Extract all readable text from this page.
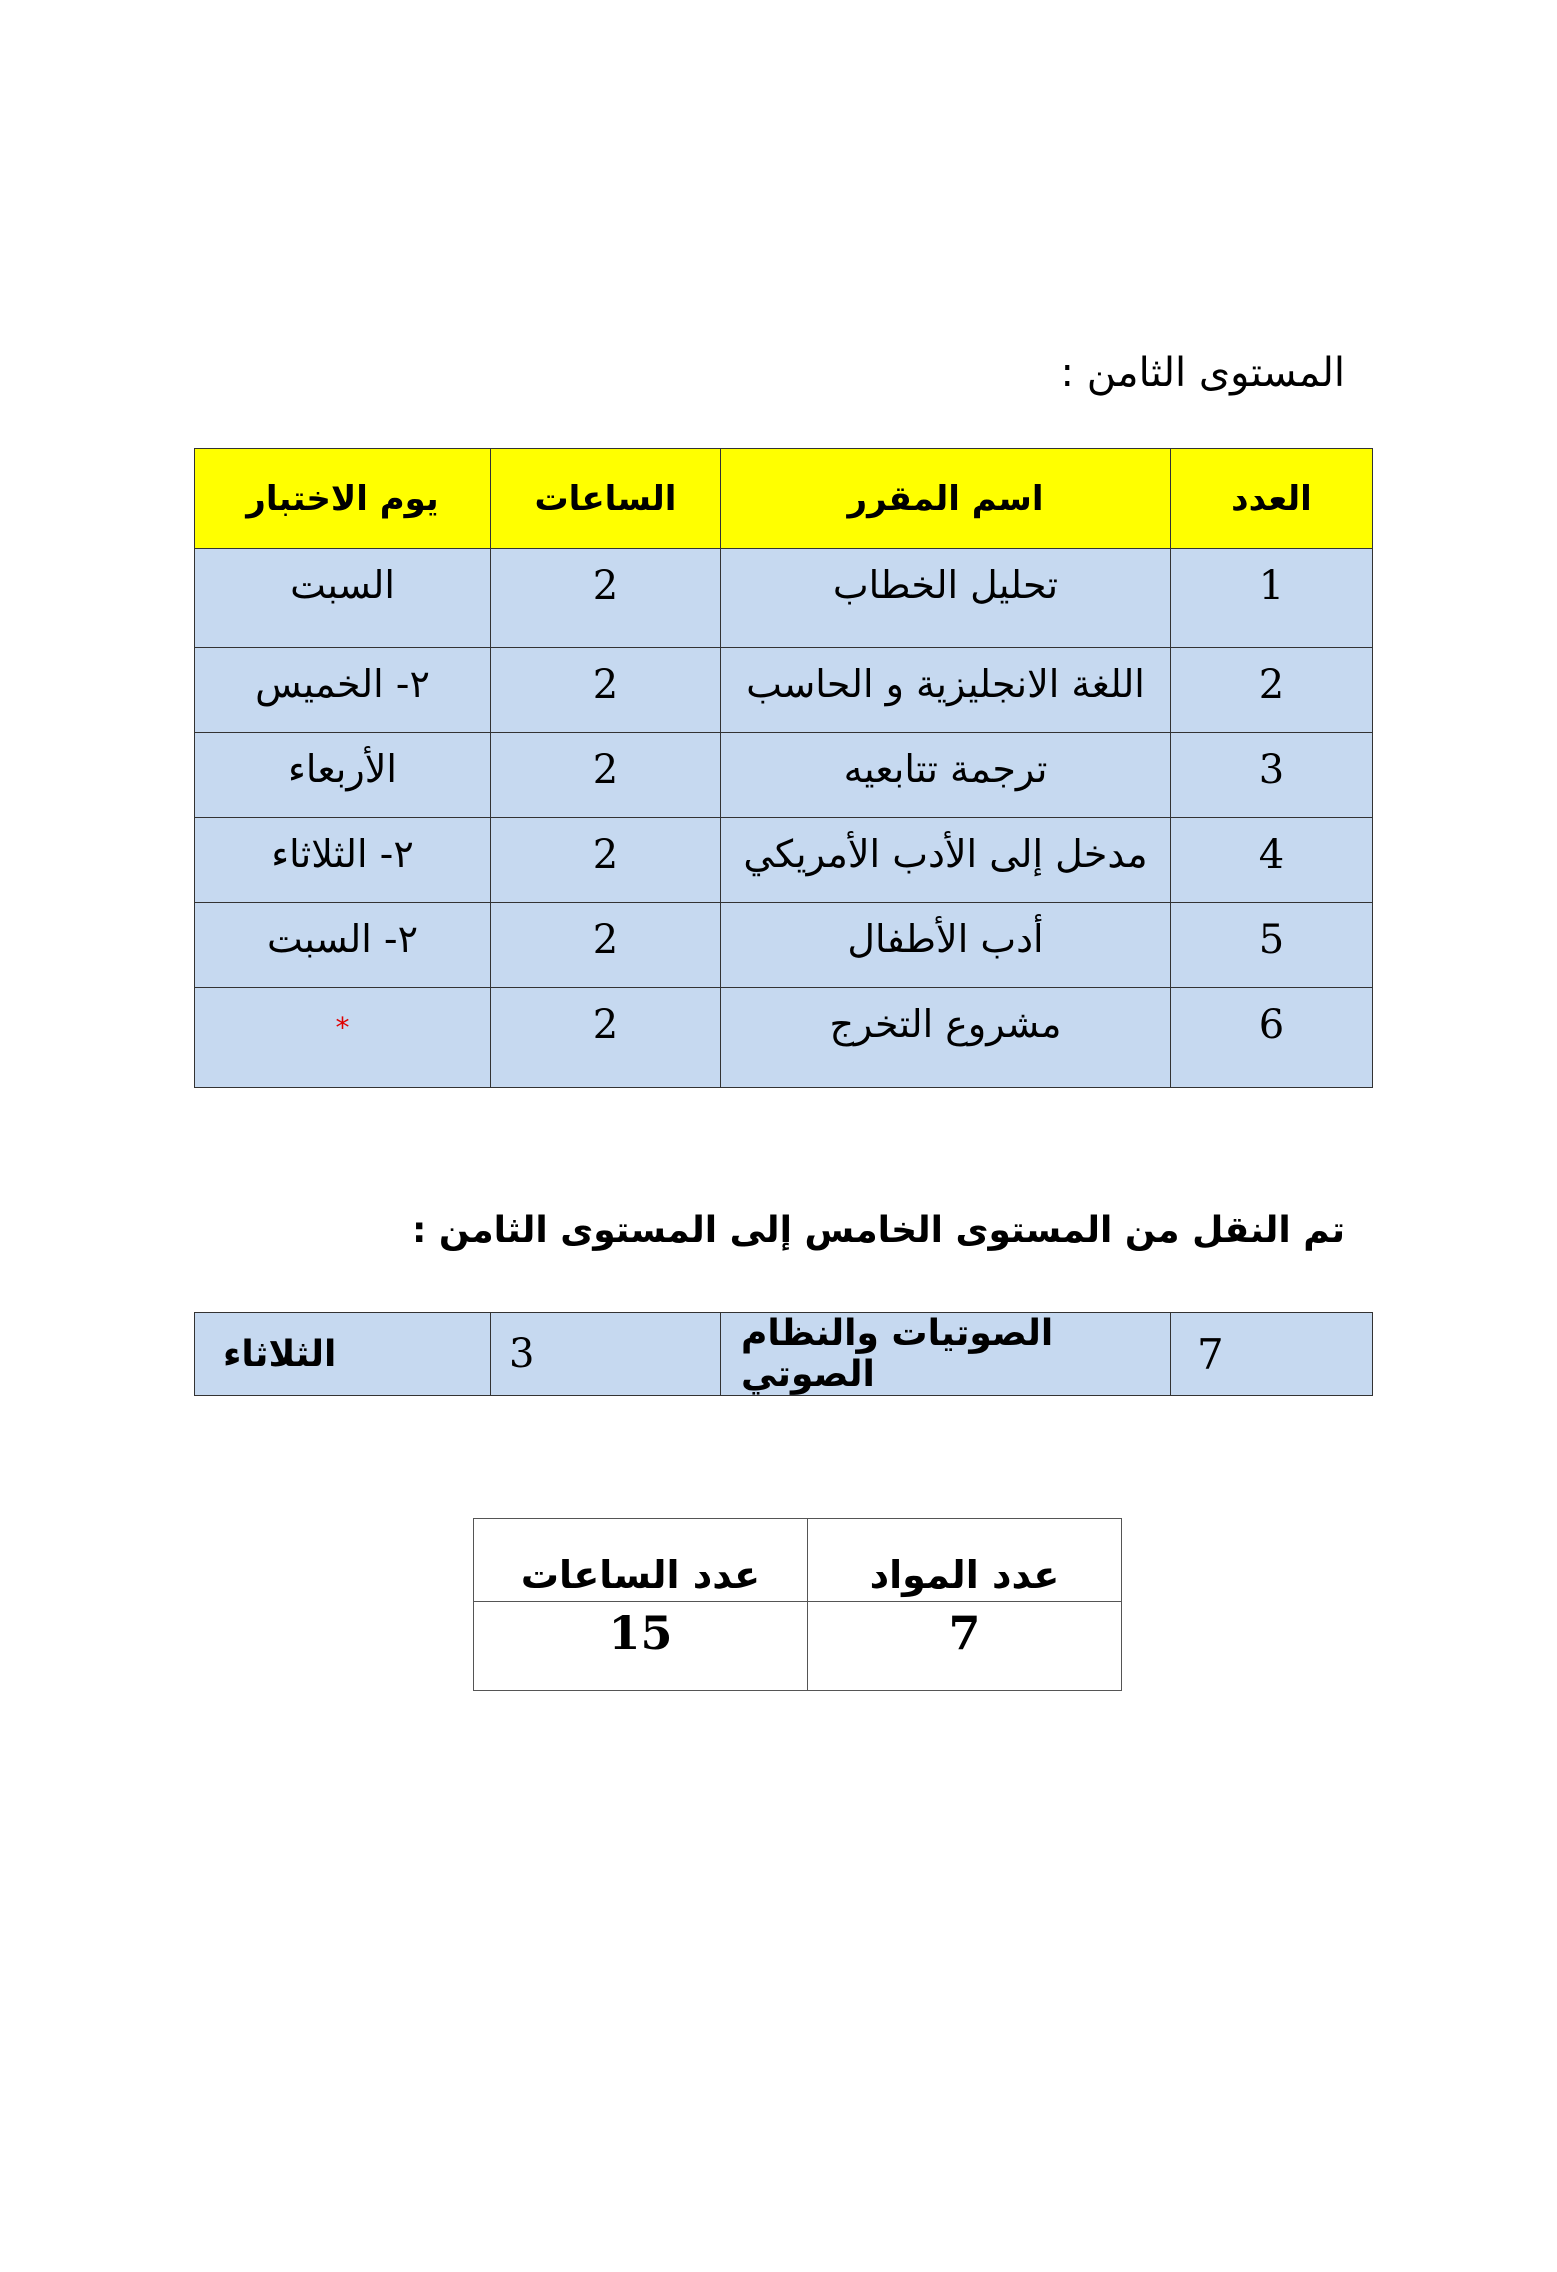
المستوى الثامن :
العدد	اسم المقرر	الساعات	يوم الاختبار
1	تحليل الخطاب	2	السبت
2	اللغة الانجليزية و الحاسب	2	٢- الخميس
3	ترجمة تتابعيه	2	الأربعاء
4	مدخل إلى الأدب الأمريكي	2	٢- الثلاثاء
5	أدب الأطفال	2	٢- السبت
6	مشروع التخرج	2	*
تم النقل من المستوى الخامس إلى المستوى الثامن :
7	الصوتيات والنظام الصوتي	3	الثلاثاء
عدد المواد	عدد الساعات
7	15
